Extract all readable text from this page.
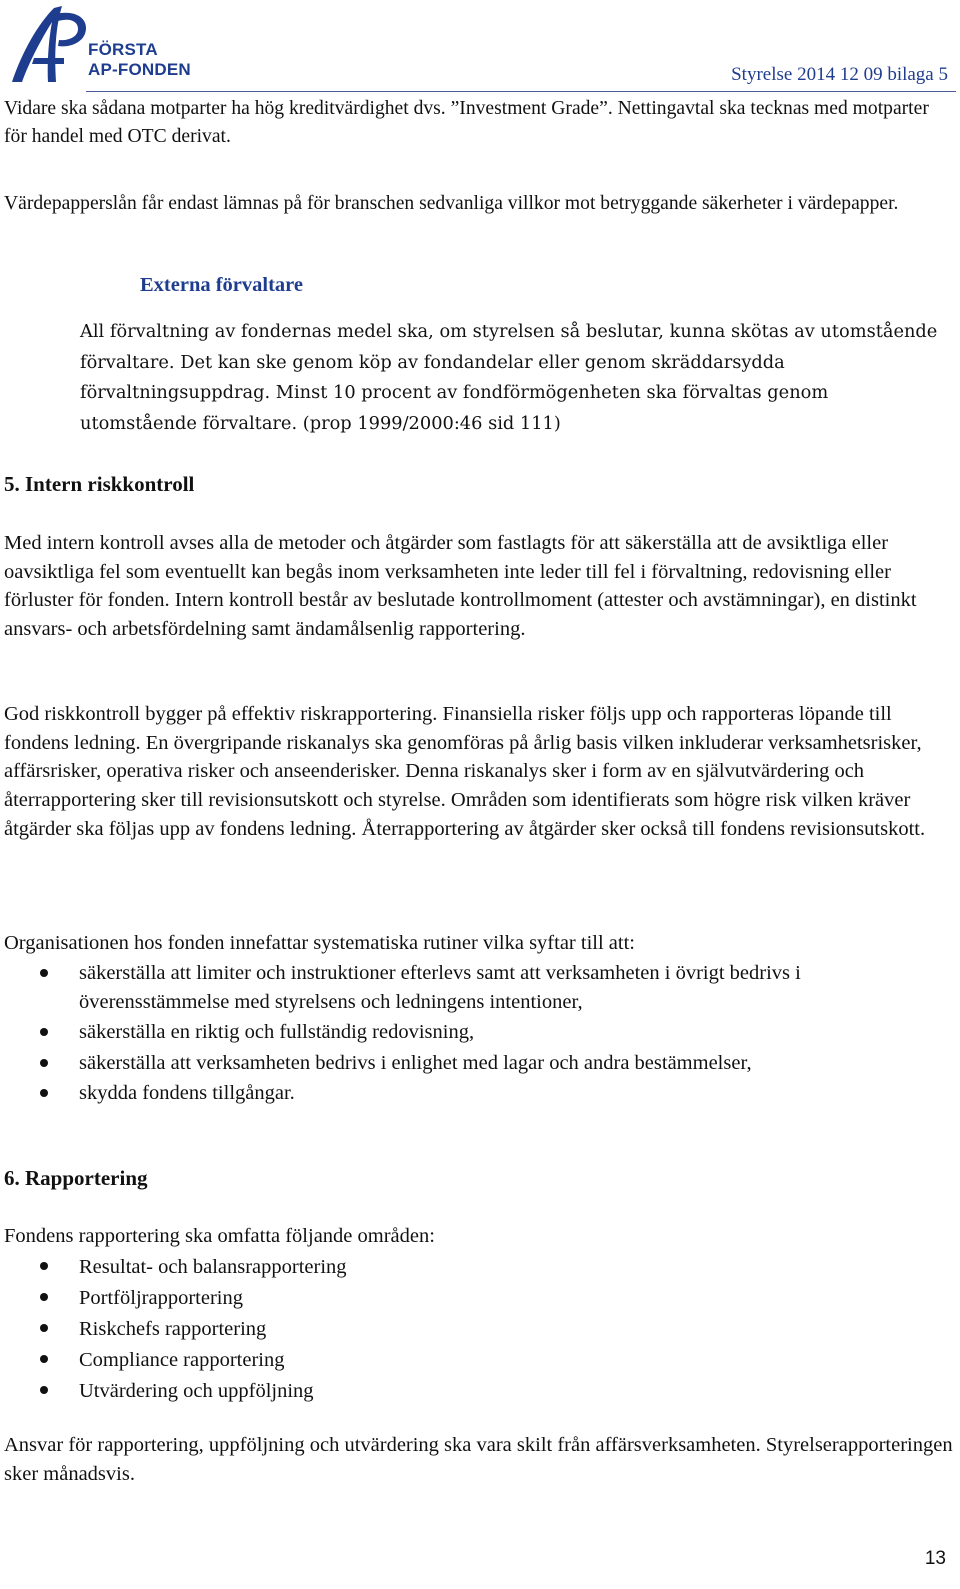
FÖRSTA
AP-FONDEN	Styrelse 2014 12 09 bilaga 5

Vidare ska sådana motparter ha hög kreditvärdighet dvs. ”Investment Grade”. Nettingavtal ska tecknas med motparter för handel med OTC derivat.

Värdepapperslån får endast lämnas på för branschen sedvanliga villkor mot betryggande säkerheter i värdepapper.

Externa förvaltare

All förvaltning av fondernas medel ska, om styrelsen så beslutar, kunna skötas av utomstående förvaltare. Det kan ske genom köp av fondandelar eller genom skräddarsydda förvaltningsuppdrag. Minst 10 procent av fondförmögenheten ska förvaltas genom utomstående förvaltare. (prop 1999/2000:46 sid 111)

5. Intern riskkontroll

Med intern kontroll avses alla de metoder och åtgärder som fastlagts för att säkerställa att de avsiktliga eller oavsiktliga fel som eventuellt kan begås inom verksamheten inte leder till fel i förvaltning, redovisning eller förluster för fonden. Intern kontroll består av beslutade kontrollmoment (attester och avstämningar), en distinkt ansvars- och arbetsfördelning samt ändamålsenlig rapportering.

God riskkontroll bygger på effektiv riskrapportering. Finansiella risker följs upp och rapporteras löpande till fondens ledning. En övergripande riskanalys ska genomföras på årlig basis vilken inkluderar verksamhetsrisker, affärsrisker, operativa risker och anseenderisker. Denna riskanalys sker i form av en självutvärdering och återrapportering sker till revisionsutskott och styrelse. Områden som identifierats som högre risk vilken kräver åtgärder ska följas upp av fondens ledning. Återrapportering av åtgärder sker också till fondens revisionsutskott.

Organisationen hos fonden innefattar systematiska rutiner vilka syftar till att:

säkerställa att limiter och instruktioner efterlevs samt att verksamheten i övrigt bedrivs i överensstämmelse med styrelsens och ledningens intentioner,
säkerställa en riktig och fullständig redovisning,
säkerställa att verksamheten bedrivs i enlighet med lagar och andra bestämmelser,
skydda fondens tillgångar.
6. Rapportering

Fondens rapportering ska omfatta följande områden:

Resultat- och balansrapportering
Portföljrapportering
Riskchefs rapportering
Compliance rapportering
Utvärdering och uppföljning

Ansvar för rapportering, uppföljning och utvärdering ska vara skilt från affärsverksamheten. Styrelserapporteringen sker månadsvis.

13
